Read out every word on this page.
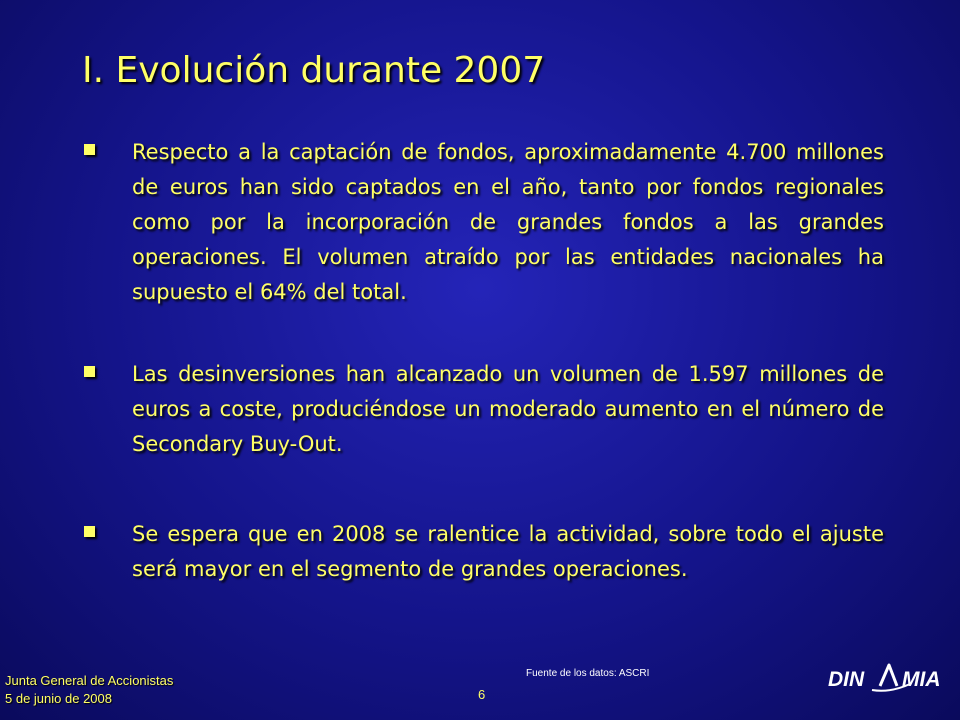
I. Evolución durante 2007

Respecto a la captación de fondos, aproximadamente 4.700 millones de euros han sido captados en el año, tanto por fondos regionales como por la incorporación de grandes fondos a las grandes operaciones. El volumen atraído por las entidades nacionales ha supuesto el 64% del total.

Las desinversiones han alcanzado un volumen de 1.597 millones de euros a coste, produciéndose un moderado aumento en el número de Secondary Buy-Out.

Se espera que en 2008 se ralentice la actividad, sobre todo el ajuste será mayor en el segmento de grandes operaciones.

Junta General de Accionistas
5 de junio de 2008
Fuente de los datos: ASCRI
6
DIN MIA
